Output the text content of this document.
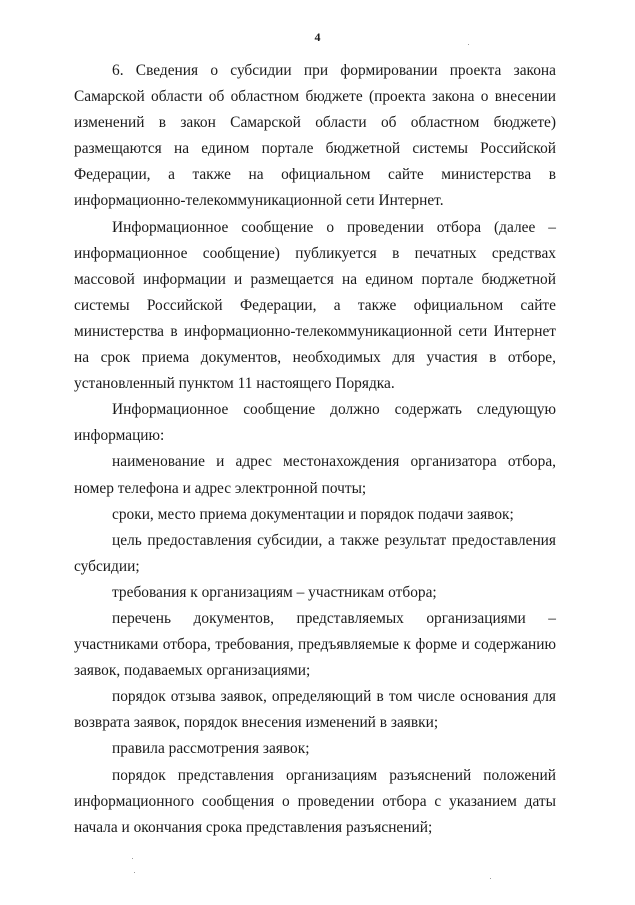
4

6. Сведения о субсидии при формировании проекта закона Самарской области об областном бюджете (проекта закона о внесении изменений в закон Самарской области об областном бюджете) размещаются на едином портале бюджетной системы Российской Федерации, а также на официальном сайте министерства в информационно-телекоммуникационной сети Интернет.

Информационное сообщение о проведении отбора (далее – информационное сообщение) публикуется в печатных средствах массовой информации и размещается на едином портале бюджетной системы Российской Федерации, а также официальном сайте министерства в информационно-телекоммуникационной сети Интернет на срок приема документов, необходимых для участия в отборе, установленный пунктом 11 настоящего Порядка.

Информационное сообщение должно содержать следующую информацию:

наименование и адрес местонахождения организатора отбора, номер телефона и адрес электронной почты;

сроки, место приема документации и порядок подачи заявок;

цель предоставления субсидии, а также результат предоставления субсидии;

требования к организациям – участникам отбора;

перечень документов, представляемых организациями – участниками отбора, требования, предъявляемые к форме и содержанию заявок, подаваемых организациями;

порядок отзыва заявок, определяющий в том числе основания для возврата заявок, порядок внесения изменений в заявки;

правила рассмотрения заявок;

порядок представления организациям разъяснений положений информационного сообщения о проведении отбора с указанием даты начала и окончания срока представления разъяснений;
